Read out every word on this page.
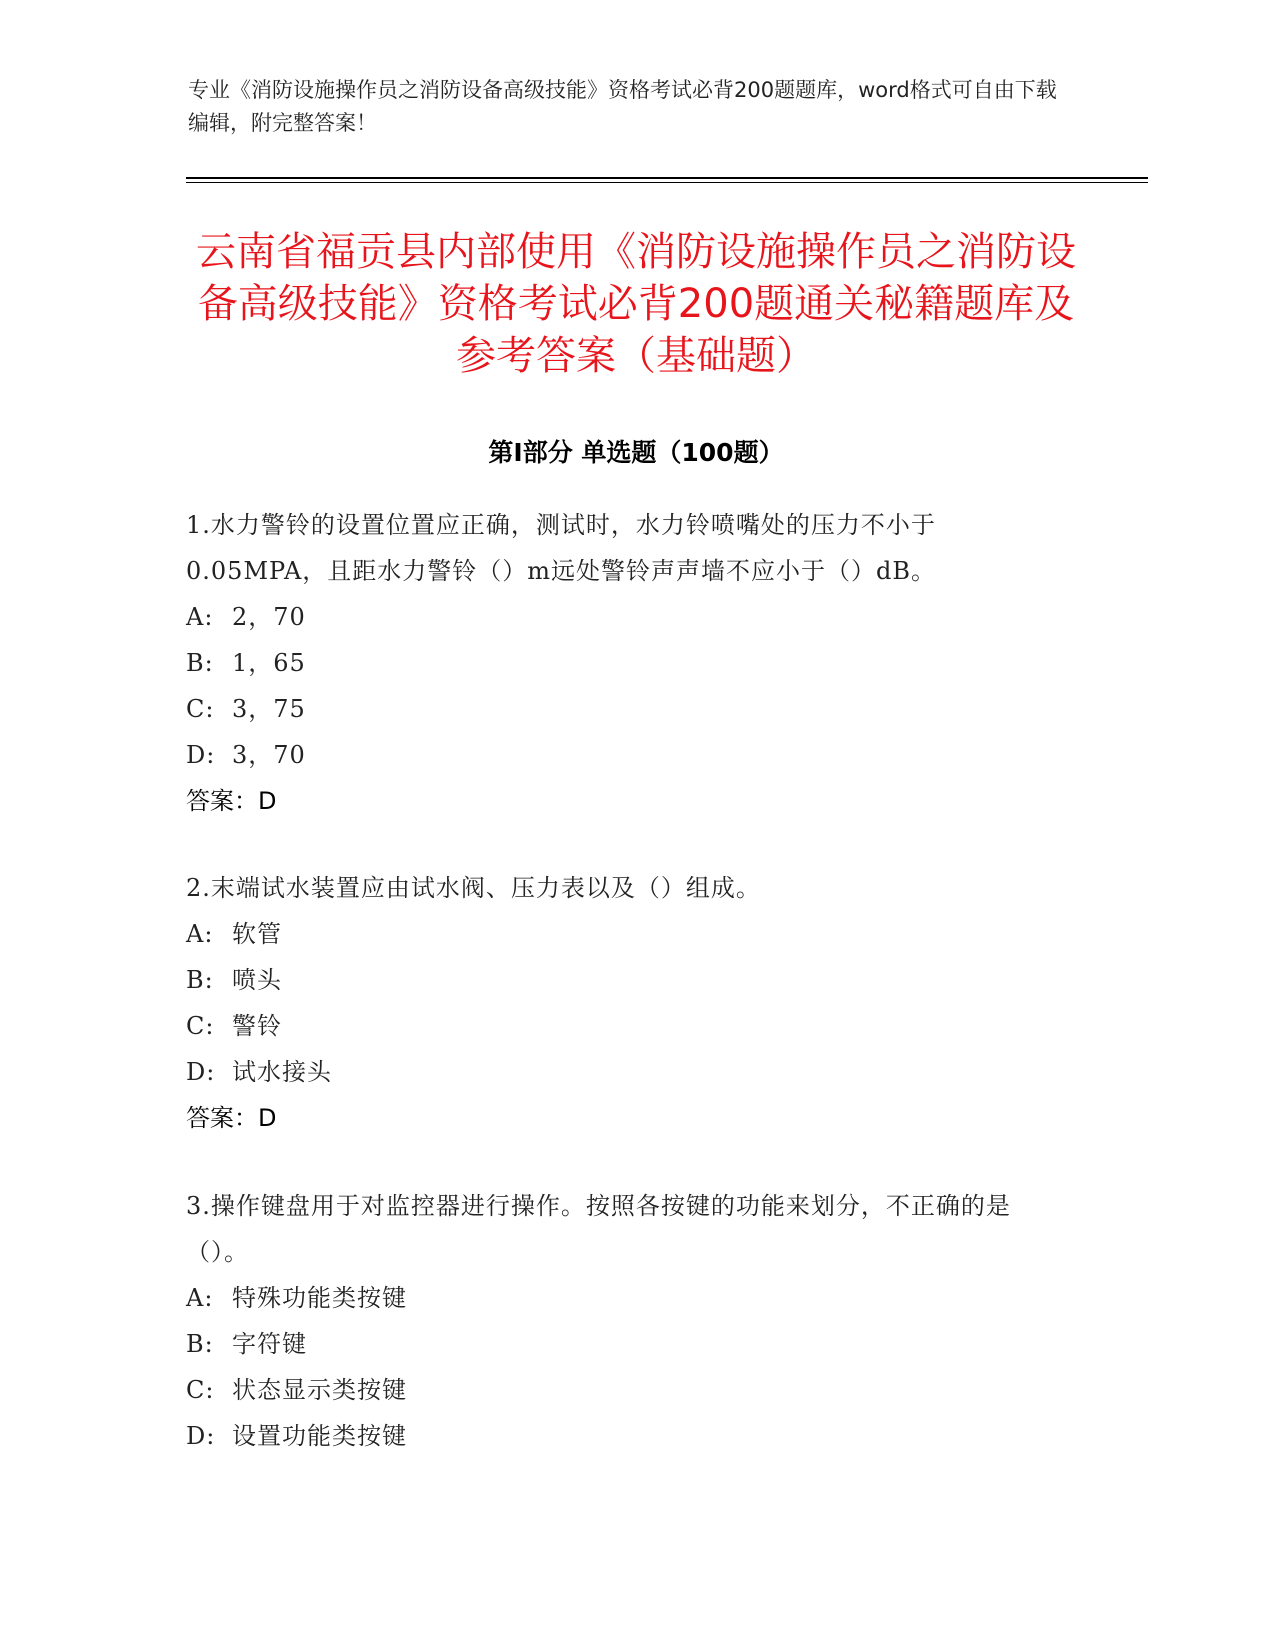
专业《消防设施操作员之消防设备高级技能》资格考试必背200题题库，word格式可自由下载编辑，附完整答案！

云南省福贡县内部使用《消防设施操作员之消防设备高级技能》资格考试必背200题通关秘籍题库及参考答案（基础题）
第Ⅰ部分 单选题（100题）

1.水力警铃的设置位置应正确，测试时，水力铃喷嘴处的压力不小于0.05MPA，且距水力警铃（）m远处警铃声声墙不应小于（）dB。

A: 2，70

B: 1，65

C: 3，75

D: 3，70

答案：D

2.末端试水装置应由试水阀、压力表以及（）组成。

A: 软管

B: 喷头

C: 警铃

D: 试水接头

答案：D

3.操作键盘用于对监控器进行操作。按照各按键的功能来划分，不正确的是（）。

A: 特殊功能类按键

B: 字符键

C: 状态显示类按键

D: 设置功能类按键
